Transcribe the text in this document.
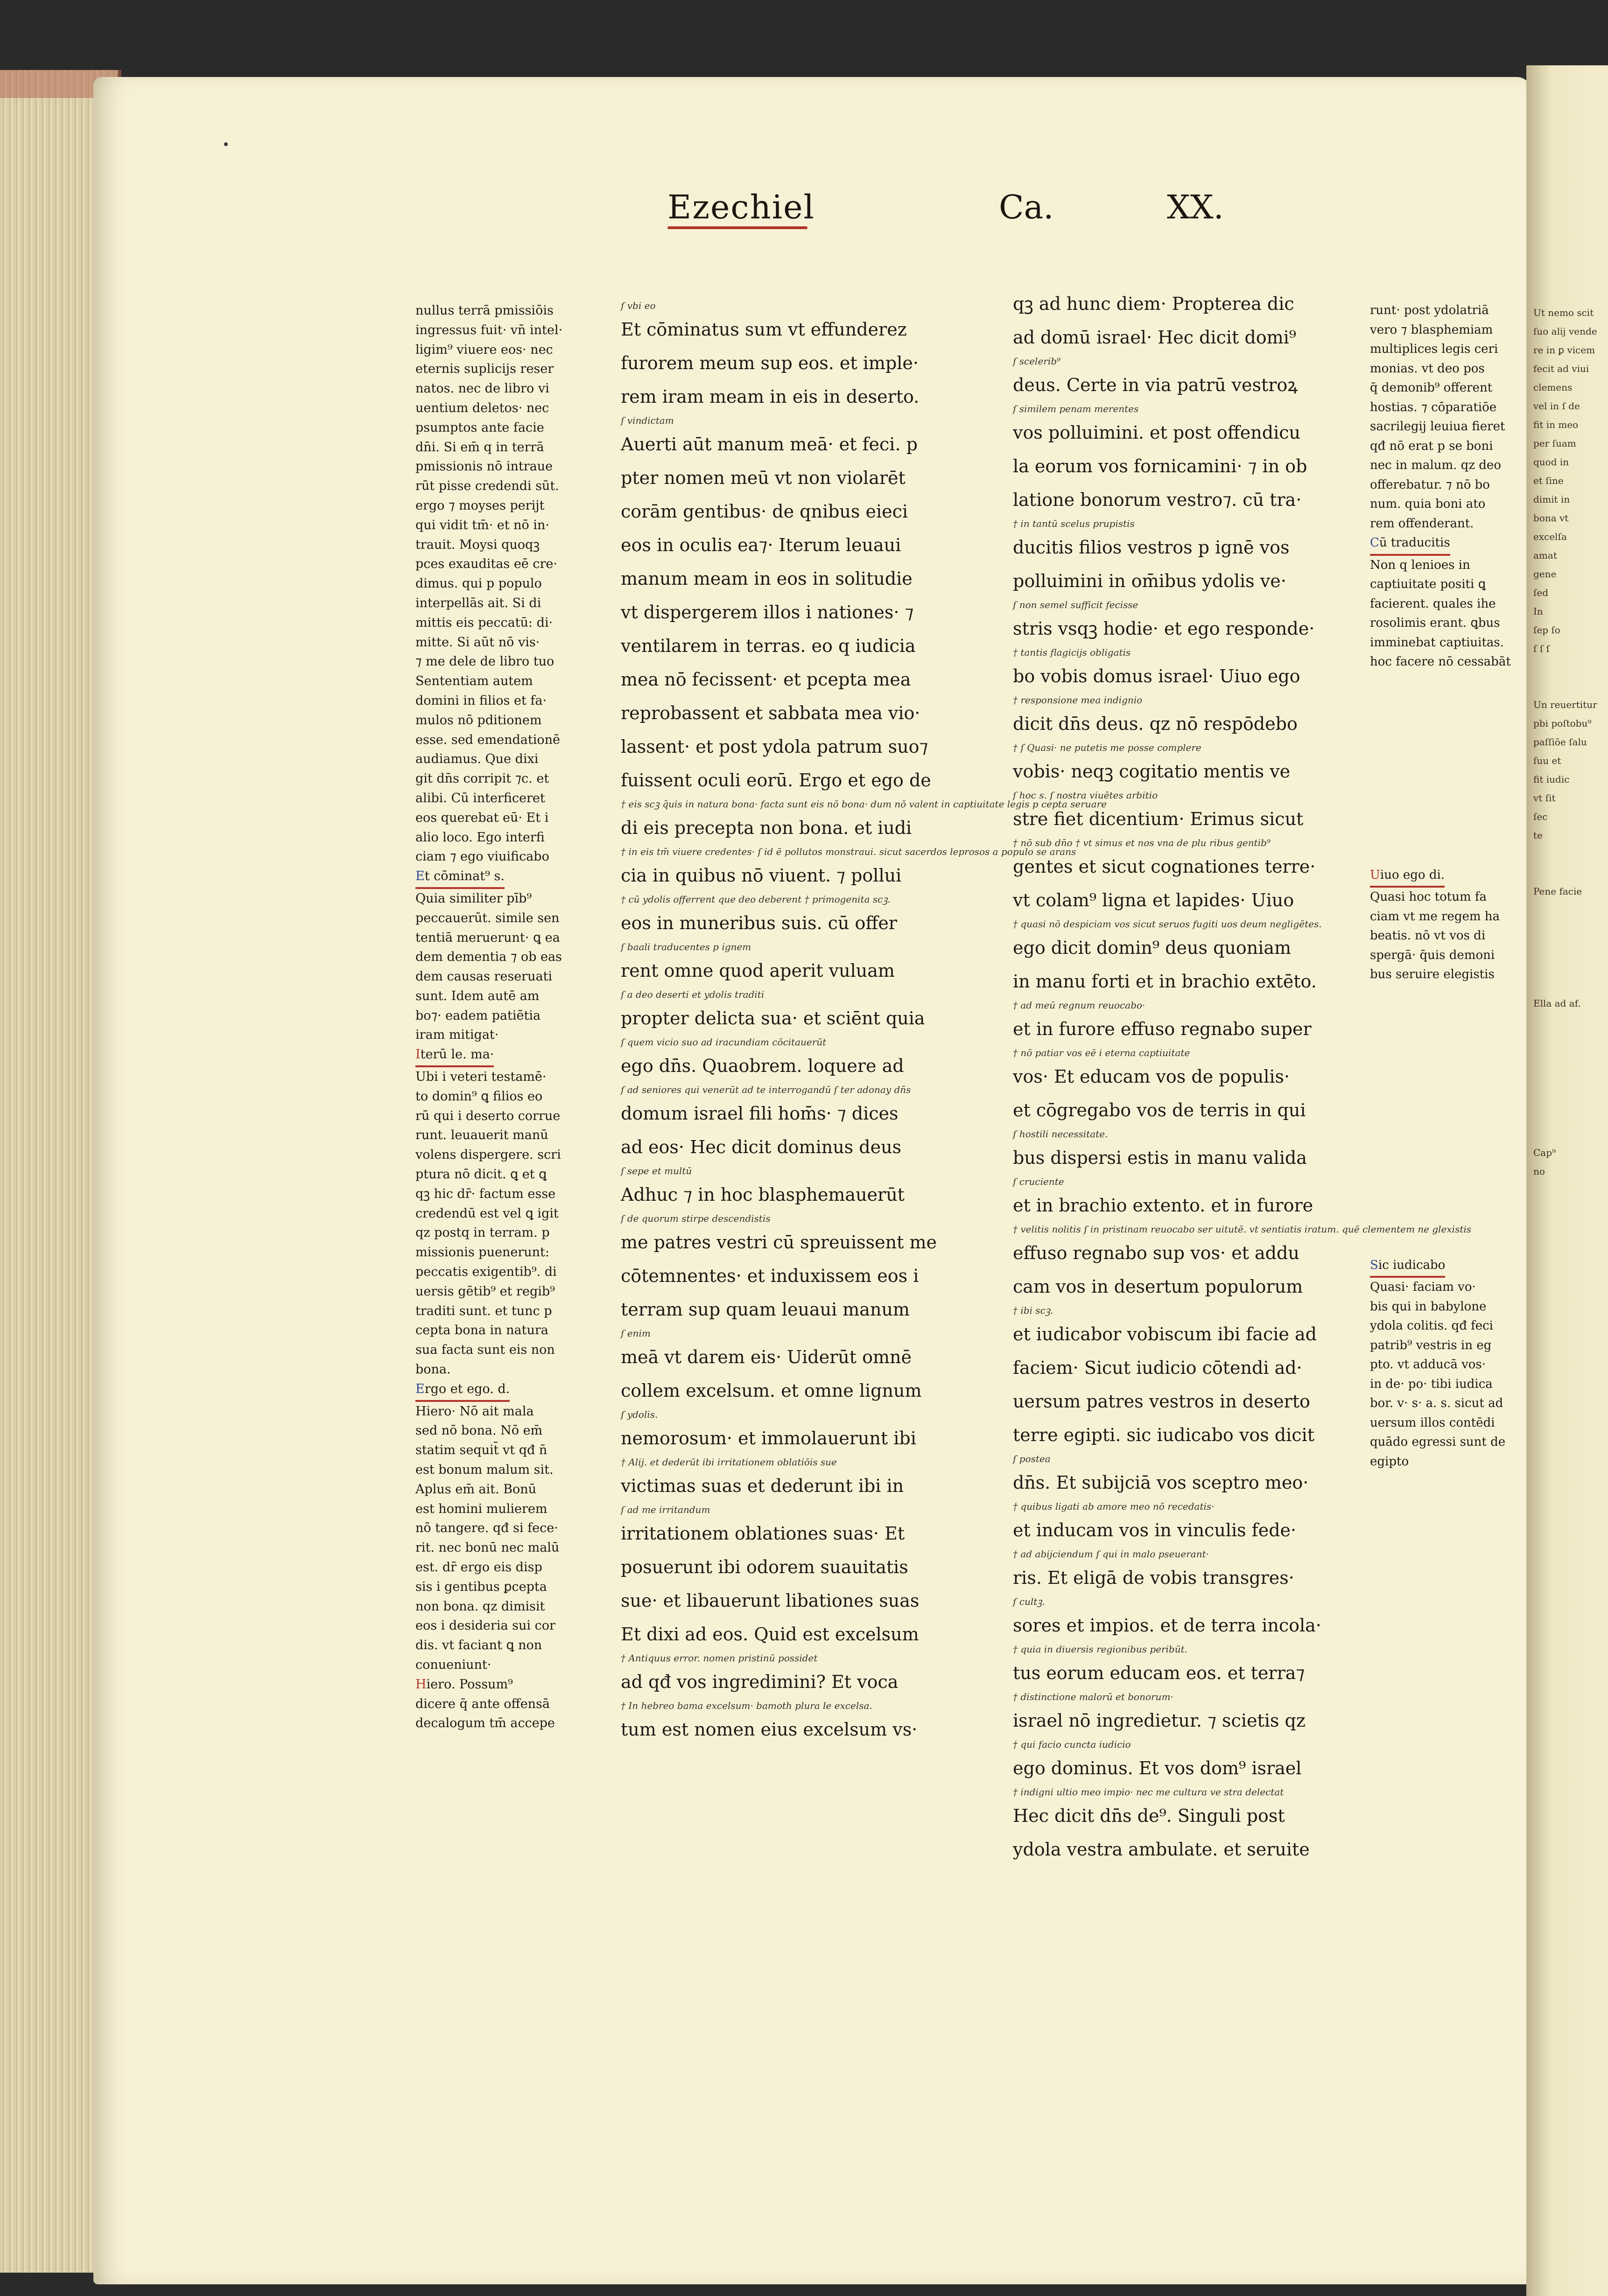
Ezechiel	Ca.	XX.
nullus terrā pmissiōis
ingressus fuit· vn̄ intel·
ligim⁹ viuere eos· nec
eternis suplicijs reser
natos. nec de libro vi
uentium deletos· nec
psumptos ante facie
dn̄i. Si em̄ q in terrā
pmissionis nō intraue
rūt pisse credendi sūt.
ergo ⁊ moyses perijt
qui vidit tm̄· et nō in·
trauit. Moysi quoqꝫ
pces exauditas eē cre·
dimus. qui p populo
interpellās ait. Si di
mittis eis peccatū: di·
mitte. Si aūt nō vis·
⁊ me dele de libro tuo
Sententiam autem
domini in filios et fa·
mulos nō pditionem
esse. sed emendationē
audiamus. Que dixi
git dn̄s corripit ⁊c. et
alibi. Cū interficeret
eos querebat eū· Et i
alio loco. Ego interfi
ciam ⁊ ego viuificabo
Et cōminat⁹ s.
Quia similiter pīb⁹
peccauerūt. simile sen
tentiā meruerunt· ꝗ ea
dem dementia ⁊ ob eas
dem causas reseruati
sunt. Idem autē am
bo⁊· eadem patiētia
iram mitigat·
Iterū le. ma·
Ubi i veteri testamē·
to domin⁹ ꝗ filios eo
rū qui i deserto corrue
runt. leuauerit manū
volens dispergere. scri
ptura nō dicit. ꝗ et ꝗ
qꝫ hic dr̄· factum esse
credendū est vel ꝗ igit
qz postq in terram. p
missionis puenerunt:
peccatis exigentib⁹. di
uersis gētib⁹ et regib⁹
traditi sunt. et tunc p
cepta bona in natura
sua facta sunt eis non
bona.
Ergo et ego. d.
Hiero· Nō ait mala
sed nō bona. Nō em̄
statim sequit̄ vt qđ n̄
est bonum malum sit.
Aplus em̄ ait. Bonū
est homini mulierem
nō tangere. qđ si fece·
rit. nec bonū nec malū
est. dr̄ ergo eis disp
sis i gentibus ꝑcepta
non bona. qz dimisit
eos i desideria sui cor
dis. vt faciant ꝗ non
conueniunt·
Hiero. Possum⁹
dicere q̄ ante offensā
decalogum tm̄ accepe
ſ vbi eo
Et cōminatus sum vt effunderez
furorem meum sup eos. et imple·
rem iram meam in eis in deserto.
ſ vindictam
Auerti aūt manum meā· et feci. p
pter nomen meū vt non violarēt
corām gentibus· de qnibus eieci
eos in oculis ea⁊· Iterum leuaui
manum meam in eos in solitudie
vt dispergerem illos i nationes· ⁊
ventilarem in terras. eo q iudicia
mea nō fecissent· et pcepta mea
reprobassent et sabbata mea vio·
lassent· et post ydola patrum suo⁊
fuissent oculi eorū. Ergo et ego de
† eis scꝫ q̄uis in natura bona· facta sunt eis nō bona· dum nō valent in captiuitate legis p cepta seruare
di eis precepta non bona. et iudi
† in eis tm̄ viuere credentes· ſ id ē pollutos monstraui. sicut sacerdos leprosos a populo se arans
cia in quibus nō viuent. ⁊ pollui
† cū ydolis offerrent que deo deberent † primogenita scꝫ.
eos in muneribus suis. cū offer
ſ baali traducentes p ignem
rent omne quod aperit vuluam
ſ a deo deserti et ydolis traditi
propter delicta sua· et sciēnt quia
ſ quem vicio suo ad iracundiam cōcitauerūt
ego dn̄s. Quaobrem. loquere ad
ſ ad seniores qui venerūt ad te interrogandū ſ ter adonay dn̄s
domum israel fili hom̄s· ⁊ dices
ad eos· Hec dicit dominus deus
ſ sepe et multū
Adhuc ⁊ in hoc blasphemauerūt
ſ de quorum stirpe descendistis
me patres vestri cū spreuissent me
cōtemnentes· et induxissem eos i
terram sup quam leuaui manum
ſ enim
meā vt darem eis· Uiderūt omnē
collem excelsum. et omne lignum
ſ ydolis.
nemorosum· et immolauerunt ibi
† Alij. et dederūt ibi irritationem oblatiōis sue
victimas suas et dederunt ibi in
ſ ad me irritandum
irritationem oblationes suas· Et
posuerunt ibi odorem suauitatis
sue· et libauerunt libationes suas
Et dixi ad eos. Quid est excelsum
† Antiquus error. nomen pristinū possidet
ad qđ vos ingredimini? Et voca
† In hebreo bama excelsum· bamoth plura le excelsa.
tum est nomen eius excelsum vs·
qꝫ ad hunc diem· Propterea dic
ad domū israel· Hec dicit domi⁹
ſ scelerib⁹
deus. Certe in via patrū vestroꝝ
ſ similem penam merentes
vos polluimini. et post offendicu
la eorum vos fornicamini· ⁊ in ob
latione bonorum vestro⁊. cū tra·
† in tantū scelus prupistis
ducitis filios vestros p ignē vos
polluimini in om̄ibus ydolis ve·
ſ non semel sufficit fecisse
stris vsqꝫ hodie· et ego responde·
† tantis flagicijs obligatis
bo vobis domus israel· Uiuo ego
† responsione mea indignio
dicit dn̄s deus. qz nō respōdebo
† ſ Quasi· ne putetis me posse complere
vobis· neqꝫ cogitatio mentis ve
ſ hoc s. ſ nostra viuētes arbitio
stre fiet dicentium· Erimus sicut
† nō sub dn̄o † vt simus et nos vna de plu ribus gentib⁹
gentes et sicut cognationes terre·
vt colam⁹ ligna et lapides· Uiuo
† quasi nō despiciam vos sicut seruos fugiti uos deum negligētes.
ego dicit domin⁹ deus quoniam
in manu forti et in brachio extēto.
† ad meū regnum reuocabo·
et in furore effuso regnabo super
† nō patiar vos eē i eterna captiuitate
vos· Et educam vos de populis·
et cōgregabo vos de terris in qui
ſ hostili necessitate.
bus dispersi estis in manu valida
ſ cruciente
et in brachio extento. et in furore
† velitis nolitis ſ in pristinam reuocabo ser uitutē. vt sentiatis iratum. quē clementem ne glexistis
effuso regnabo sup vos· et addu
cam vos in desertum populorum
† ibi scꝫ.
et iudicabor vobiscum ibi facie ad
faciem· Sicut iudicio cōtendi ad·
uersum patres vestros in deserto
terre egipti. sic iudicabo vos dicit
ſ postea
dn̄s. Et subijciā vos sceptro meo·
† quibus ligati ab amore meo nō recedatis·
et inducam vos in vinculis fede·
† ad abijciendum ſ qui in malo pseuerant·
ris. Et eligā de vobis transgres·
ſ cultꝫ.
sores et impios. et de terra incola·
† quia in diuersis regionibus peribūt.
tus eorum educam eos. et terra⁊
† distinctione malorū et bonorum·
israel nō ingredietur. ⁊ scietis qz
† qui facio cuncta iudicio
ego dominus. Et vos dom⁹ israel
† indigni ultio meo impio· nec me cultura ve stra delectat
Hec dicit dn̄s de⁹. Singuli post
ydola vestra ambulate. et seruite
runt· post ydolatriā
vero ⁊ blasphemiam
multiplices legis ceri
monias. vt deo pos
q̄ demonib⁹ offerent
hostias. ⁊ cōparatiōe
sacrilegij leuiua fieret
qđ nō erat p se boni
nec in malum. qz deo
offerebatur. ⁊ nō bo
num. quia boni ato
rem offenderant.
Cū traducitis
Non q lenioes in
captiuitate positi ꝗ
facierent. quales ihe
rosolimis erant. ꝗbus
imminebat captiuitas.
hoc facere nō cessabāt

Uiuo ego di.
Quasi hoc totum fa
ciam vt me regem ha
beatis. nō vt vos di
spergā· q̄uis demoni
bus seruire elegistis

Sic iudicabo
Quasi· faciam vo·
bis qui in babylone
ydola colitis. qđ feci
patrib⁹ vestris in eg
pto. vt adducā vos·
in de· po· tibi iudica
bor. v· s· a. s. sicut ad
uersum illos contēdi
quādo egressi sunt de
egipto
Ut nemo scit
ſuo alij vende
re in ꝑ vicem
fecit ad viui
clemens
vel in ſ de
fit in meo
per ſuam
quod in
et ſine
dimit in
bona vt
excelſa
amat
gene
ſed
In
ſep ſo
ſ ſ ſ

Un reuertitur
pbi poſtobu⁹
paſſiōe ſalu
ſuu et
fit iudic
vt ſit
ſec
te

Pene facie

Ella ad af.

Cap⁹
no
